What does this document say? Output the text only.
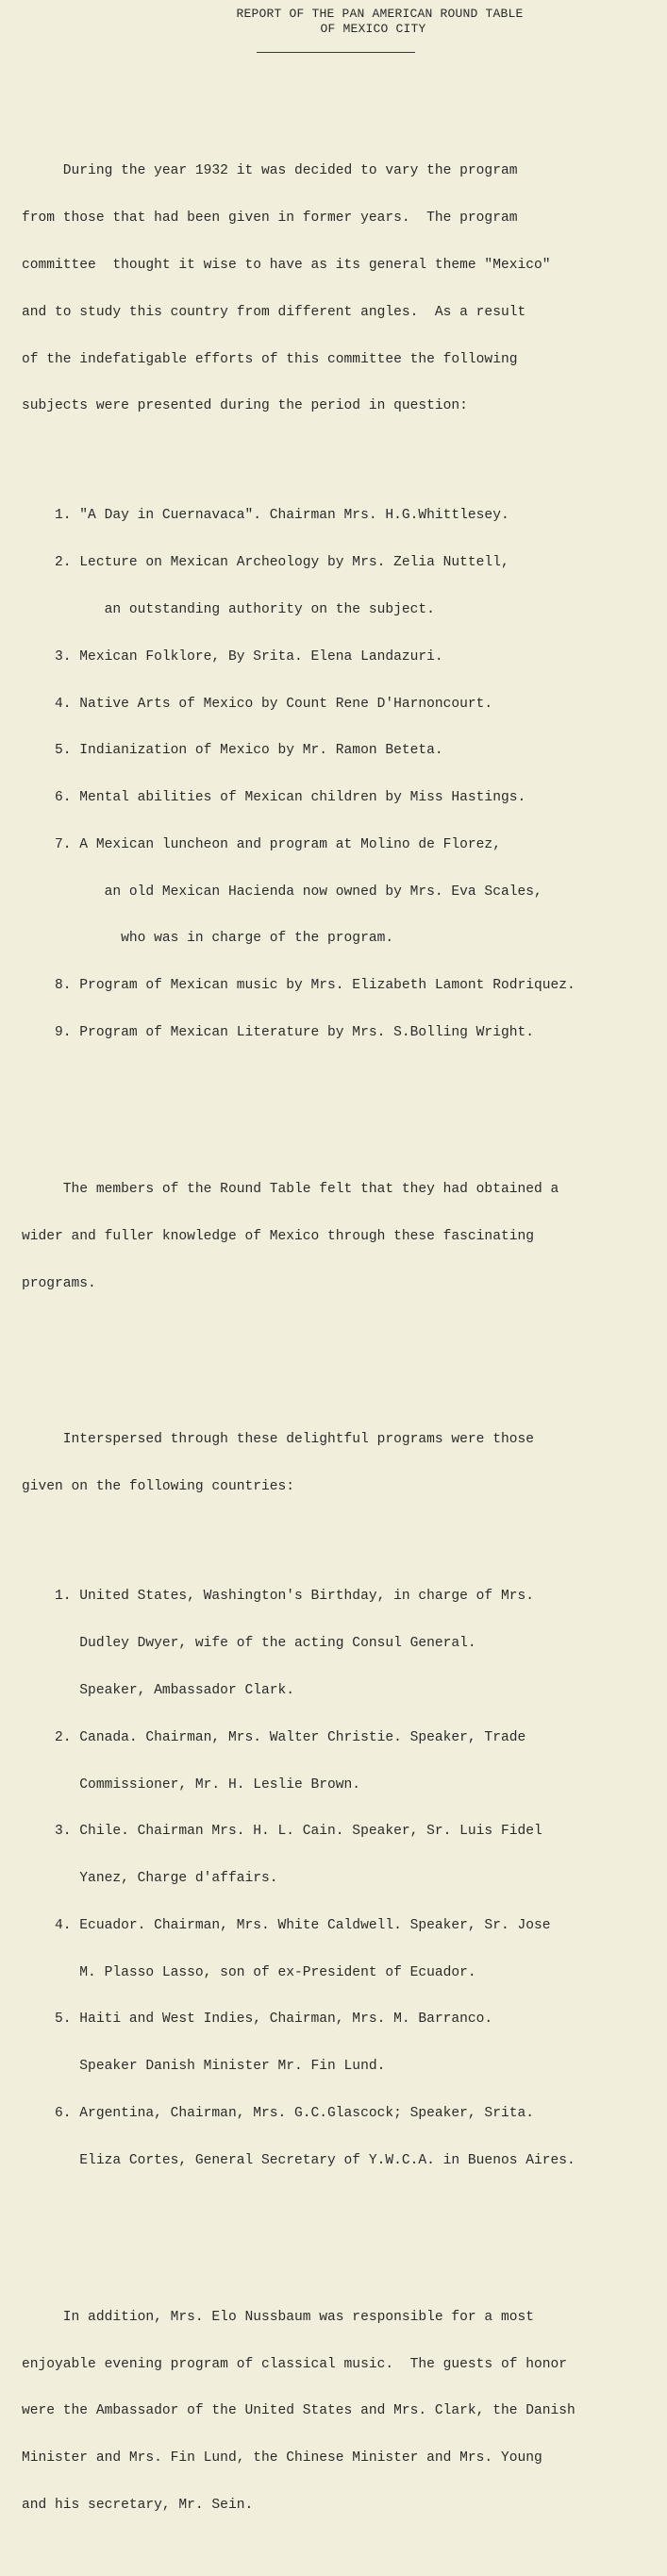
REPORT OF THE PAN AMERICAN ROUND TABLE
OF MEXICO CITY

During the year 1932 it was decided to vary the program

from those that had been given in former years.  The program

committee  thought it wise to have as its general theme "Mexico"

and to study this country from different angles.  As a result

of the indefatigable efforts of this committee the following

subjects were presented during the period in question:

1. "A Day in Cuernavaca". Chairman Mrs. H.G.Whittlesey.

2. Lecture on Mexican Archeology by Mrs. Zelia Nuttell,

an outstanding authority on the subject.

3. Mexican Folklore, By Srita. Elena Landazuri.

4. Native Arts of Mexico by Count Rene D'Harnoncourt.

5. Indianization of Mexico by Mr. Ramon Beteta.

6. Mental abilities of Mexican children by Miss Hastings.

7. A Mexican luncheon and program at Molino de Florez,

an old Mexican Hacienda now owned by Mrs. Eva Scales,

who was in charge of the program.

8. Program of Mexican music by Mrs. Elizabeth Lamont Rodriquez.

9. Program of Mexican Literature by Mrs. S.Bolling Wright.

The members of the Round Table felt that they had obtained a

wider and fuller knowledge of Mexico through these fascinating

programs.

Interspersed through these delightful programs were those

given on the following countries:

1. United States, Washington's Birthday, in charge of Mrs.

Dudley Dwyer, wife of the acting Consul General.

Speaker, Ambassador Clark.

2. Canada. Chairman, Mrs. Walter Christie. Speaker, Trade

Commissioner, Mr. H. Leslie Brown.

3. Chile. Chairman Mrs. H. L. Cain. Speaker, Sr. Luis Fidel

Yanez, Charge d'affairs.

4. Ecuador. Chairman, Mrs. White Caldwell. Speaker, Sr. Jose

M. Plasso Lasso, son of ex-President of Ecuador.

5. Haiti and West Indies, Chairman, Mrs. M. Barranco.

Speaker Danish Minister Mr. Fin Lund.

6. Argentina, Chairman, Mrs. G.C.Glascock; Speaker, Srita.

Eliza Cortes, General Secretary of Y.W.C.A. in Buenos Aires.

In addition, Mrs. Elo Nussbaum was responsible for a most

enjoyable evening program of classical music.  The guests of honor

were the Ambassador of the United States and Mrs. Clark, the Danish

Minister and Mrs. Fin Lund, the Chinese Minister and Mrs. Young

and his secretary, Mr. Sein.
